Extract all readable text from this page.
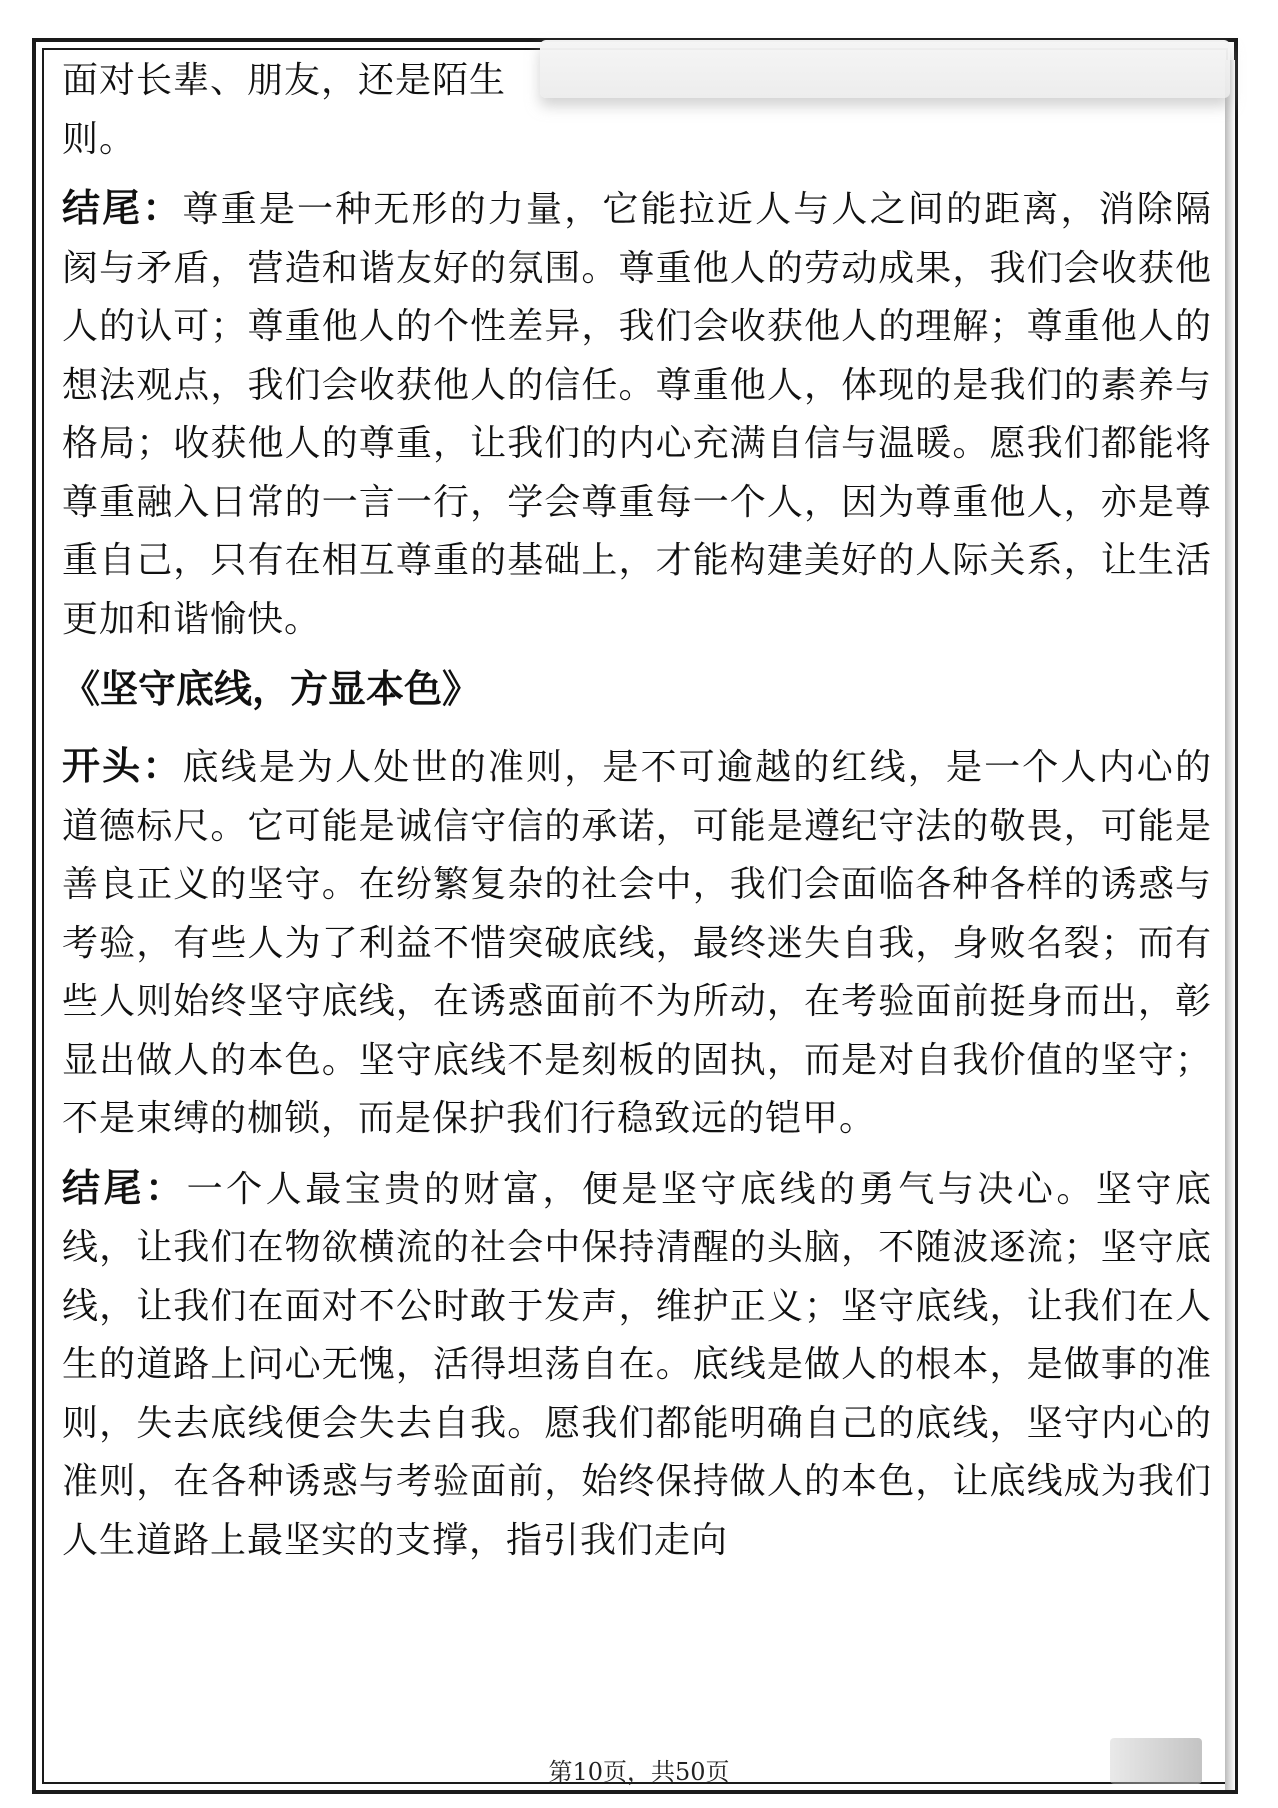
面对长辈、朋友，还是陌生
则。

结尾：尊重是一种无形的力量，它能拉近人与人之间的距离，消除隔阂与矛盾，营造和谐友好的氛围。尊重他人的劳动成果，我们会收获他人的认可；尊重他人的个性差异，我们会收获他人的理解；尊重他人的想法观点，我们会收获他人的信任。尊重他人，体现的是我们的素养与格局；收获他人的尊重，让我们的内心充满自信与温暖。愿我们都能将尊重融入日常的一言一行，学会尊重每一个人，因为尊重他人，亦是尊重自己，只有在相互尊重的基础上，才能构建美好的人际关系，让生活更加和谐愉快。

《坚守底线，方显本色》

开头：底线是为人处世的准则，是不可逾越的红线，是一个人内心的道德标尺。它可能是诚信守信的承诺，可能是遵纪守法的敬畏，可能是善良正义的坚守。在纷繁复杂的社会中，我们会面临各种各样的诱惑与考验，有些人为了利益不惜突破底线，最终迷失自我，身败名裂；而有些人则始终坚守底线，在诱惑面前不为所动，在考验面前挺身而出，彰显出做人的本色。坚守底线不是刻板的固执，而是对自我价值的坚守；不是束缚的枷锁，而是保护我们行稳致远的铠甲。

结尾：一个人最宝贵的财富，便是坚守底线的勇气与决心。坚守底线，让我们在物欲横流的社会中保持清醒的头脑，不随波逐流；坚守底线，让我们在面对不公时敢于发声，维护正义；坚守底线，让我们在人生的道路上问心无愧，活得坦荡自在。底线是做人的根本，是做事的准则，失去底线便会失去自我。愿我们都能明确自己的底线，坚守内心的准则，在各种诱惑与考验面前，始终保持做人的本色，让底线成为我们人生道路上最坚实的支撑，指引我们走向

第10页，共50页
